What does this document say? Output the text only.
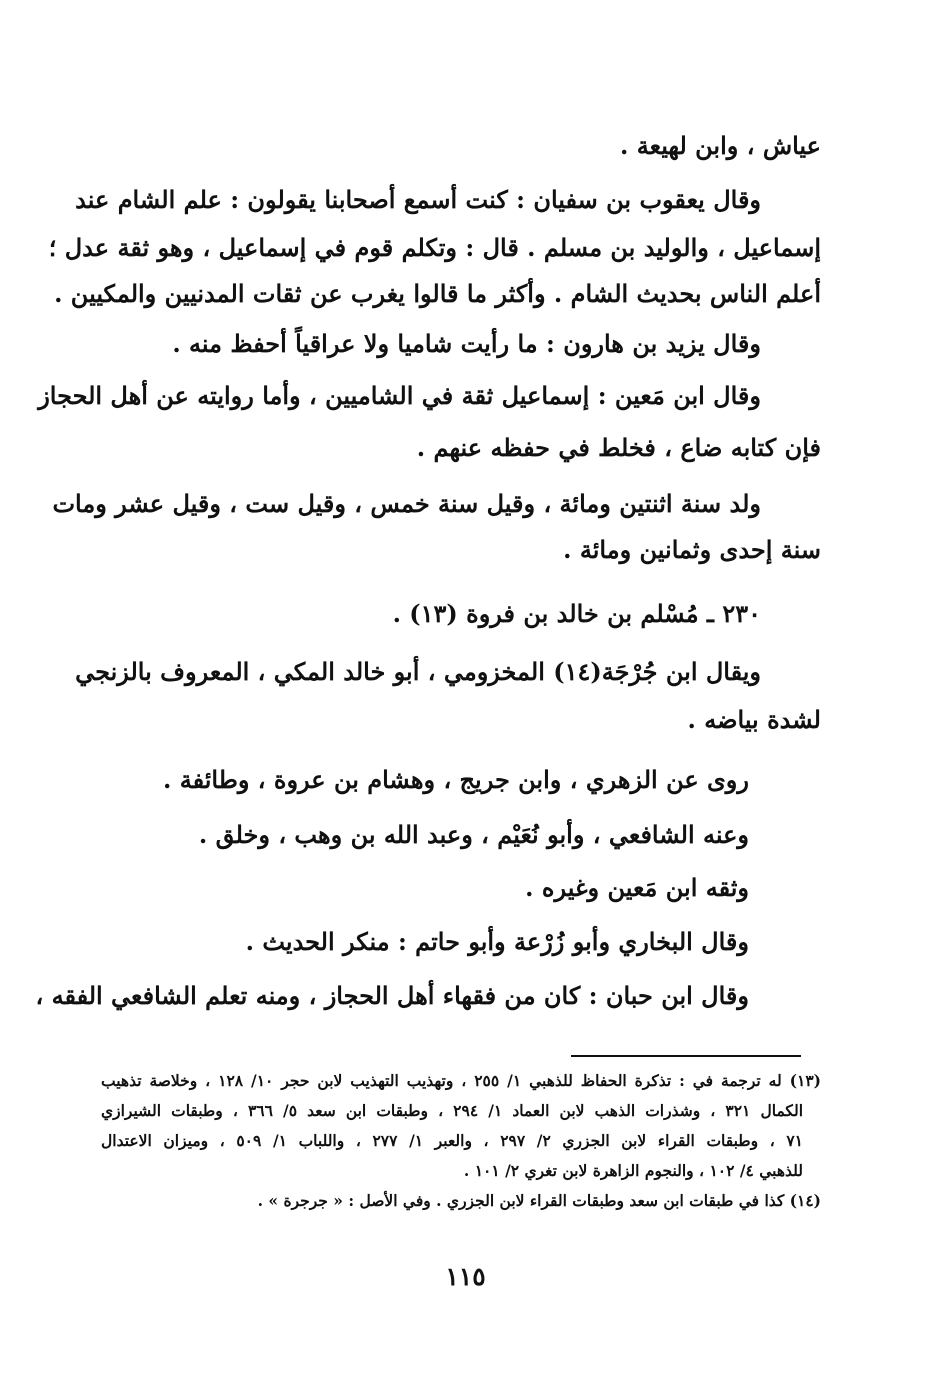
عياش ، وابن لهيعة .
وقال يعقوب بن سفيان : كنت أسمع أصحابنا يقولون : علم الشام عند
إسماعيل ، والوليد بن مسلم . قال : وتكلم قوم في إسماعيل ، وهو ثقة عدل ؛
أعلم الناس بحديث الشام . وأكثر ما قالوا يغرب عن ثقات المدنيين والمكيين .
وقال يزيد بن هارون : ما رأيت شاميا ولا عراقياً أحفظ منه .
وقال ابن مَعين : إسماعيل ثقة في الشاميين ، وأما روايته عن أهل الحجاز
فإن كتابه ضاع ، فخلط في حفظه عنهم .
ولد سنة اثنتين ومائة ، وقيل سنة خمس ، وقيل ست ، وقيل عشر ومات
سنة إحدى وثمانين ومائة .
٢٣٠ ـ مُسْلم بن خالد بن فروة (١٣) .
ويقال ابن جُرْجَة(١٤) المخزومي ، أبو خالد المكي ، المعروف بالزنجي
لشدة بياضه .
روى عن الزهري ، وابن جريج ، وهشام بن عروة ، وطائفة .
وعنه الشافعي ، وأبو نُعَيْم ، وعبد الله بن وهب ، وخلق .
وثقه ابن مَعين وغيره .
وقال البخاري وأبو زُرْعة وأبو حاتم : منكر الحديث .
وقال ابن حبان : كان من فقهاء أهل الحجاز ، ومنه تعلم الشافعي الفقه ،
(١٣) له ترجمة في : تذكرة الحفاظ للذهبي ١/ ٢٥٥ ، وتهذيب التهذيب لابن حجر ١٠/ ١٢٨ ، وخلاصة تذهيب
الكمال ٣٢١ ، وشذرات الذهب لابن العماد ١/ ٢٩٤ ، وطبقات ابن سعد ٥/ ٣٦٦ ، وطبقات الشيرازي
٧١ ، وطبقات القراء لابن الجزري ٢/ ٢٩٧ ، والعبر ١/ ٢٧٧ ، واللباب ١/ ٥٠٩ ، وميزان الاعتدال
للذهبي ٤/ ١٠٢ ، والنجوم الزاهرة لابن تغري ٢/ ١٠١ .
(١٤) كذا في طبقات ابن سعد وطبقات القراء لابن الجزري . وفي الأصل : « جرجرة » .
١١٥
